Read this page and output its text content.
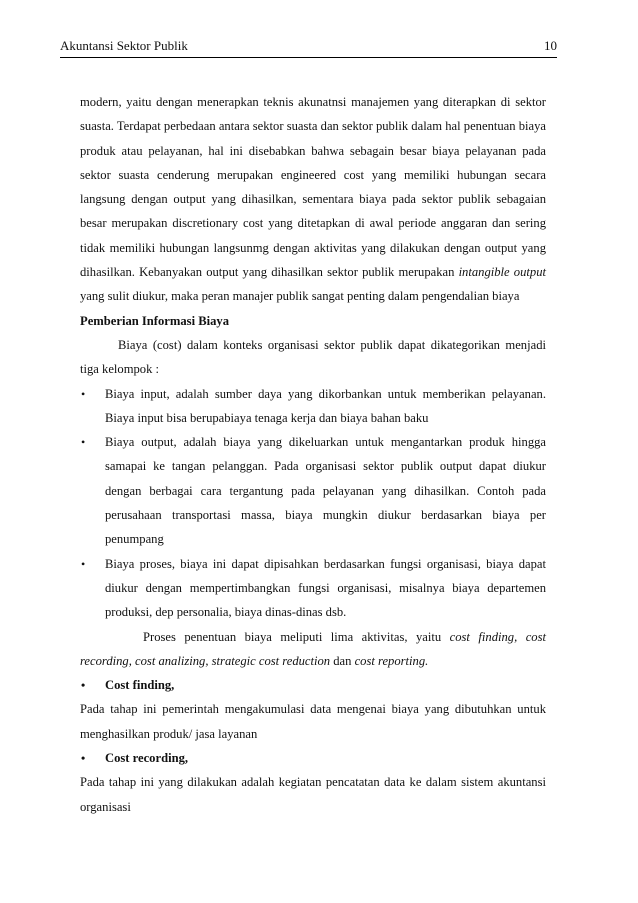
Akuntansi Sektor Publik	10

modern, yaitu dengan menerapkan teknis akunatnsi manajemen yang diterapkan di sektor suasta. Terdapat perbedaan antara sektor suasta dan sektor publik dalam hal penentuan biaya produk atau pelayanan, hal ini disebabkan bahwa sebagain besar biaya pelayanan pada sektor suasta cenderung merupakan engineered cost yang memiliki hubungan secara langsung dengan output yang dihasilkan, sementara biaya pada sektor publik sebagaian besar merupakan discretionary cost yang ditetapkan di awal periode anggaran dan sering tidak memiliki hubungan langsunmg dengan aktivitas yang dilakukan dengan output yang dihasilkan. Kebanyakan output yang dihasilkan sektor publik merupakan intangible output yang sulit diukur, maka peran manajer publik sangat penting dalam pengendalian biaya

Pemberian Informasi Biaya

Biaya (cost) dalam konteks organisasi sektor publik dapat dikategorikan menjadi tiga kelompok :

• Biaya input, adalah sumber daya yang dikorbankan untuk memberikan pelayanan. Biaya input bisa berupabiaya tenaga kerja dan biaya bahan baku
• Biaya output, adalah biaya yang dikeluarkan untuk mengantarkan produk hingga samapai ke tangan pelanggan. Pada organisasi sektor publik output dapat diukur dengan berbagai cara tergantung pada pelayanan yang dihasilkan. Contoh pada perusahaan transportasi massa, biaya mungkin diukur berdasarkan biaya per penumpang
• Biaya proses, biaya ini dapat dipisahkan berdasarkan fungsi organisasi, biaya dapat diukur dengan mempertimbangkan fungsi organisasi, misalnya biaya departemen produksi, dep personalia, biaya dinas-dinas dsb.
Proses penentuan biaya meliputi lima aktivitas, yaitu cost finding, cost recording, cost analizing, strategic cost reduction dan cost reporting.
• Cost finding,

Pada tahap ini pemerintah mengakumulasi data mengenai biaya yang dibutuhkan untuk menghasilkan produk/ jasa layanan

• Cost recording,

Pada tahap ini yang dilakukan adalah kegiatan pencatatan data ke dalam sistem akuntansi organisasi
